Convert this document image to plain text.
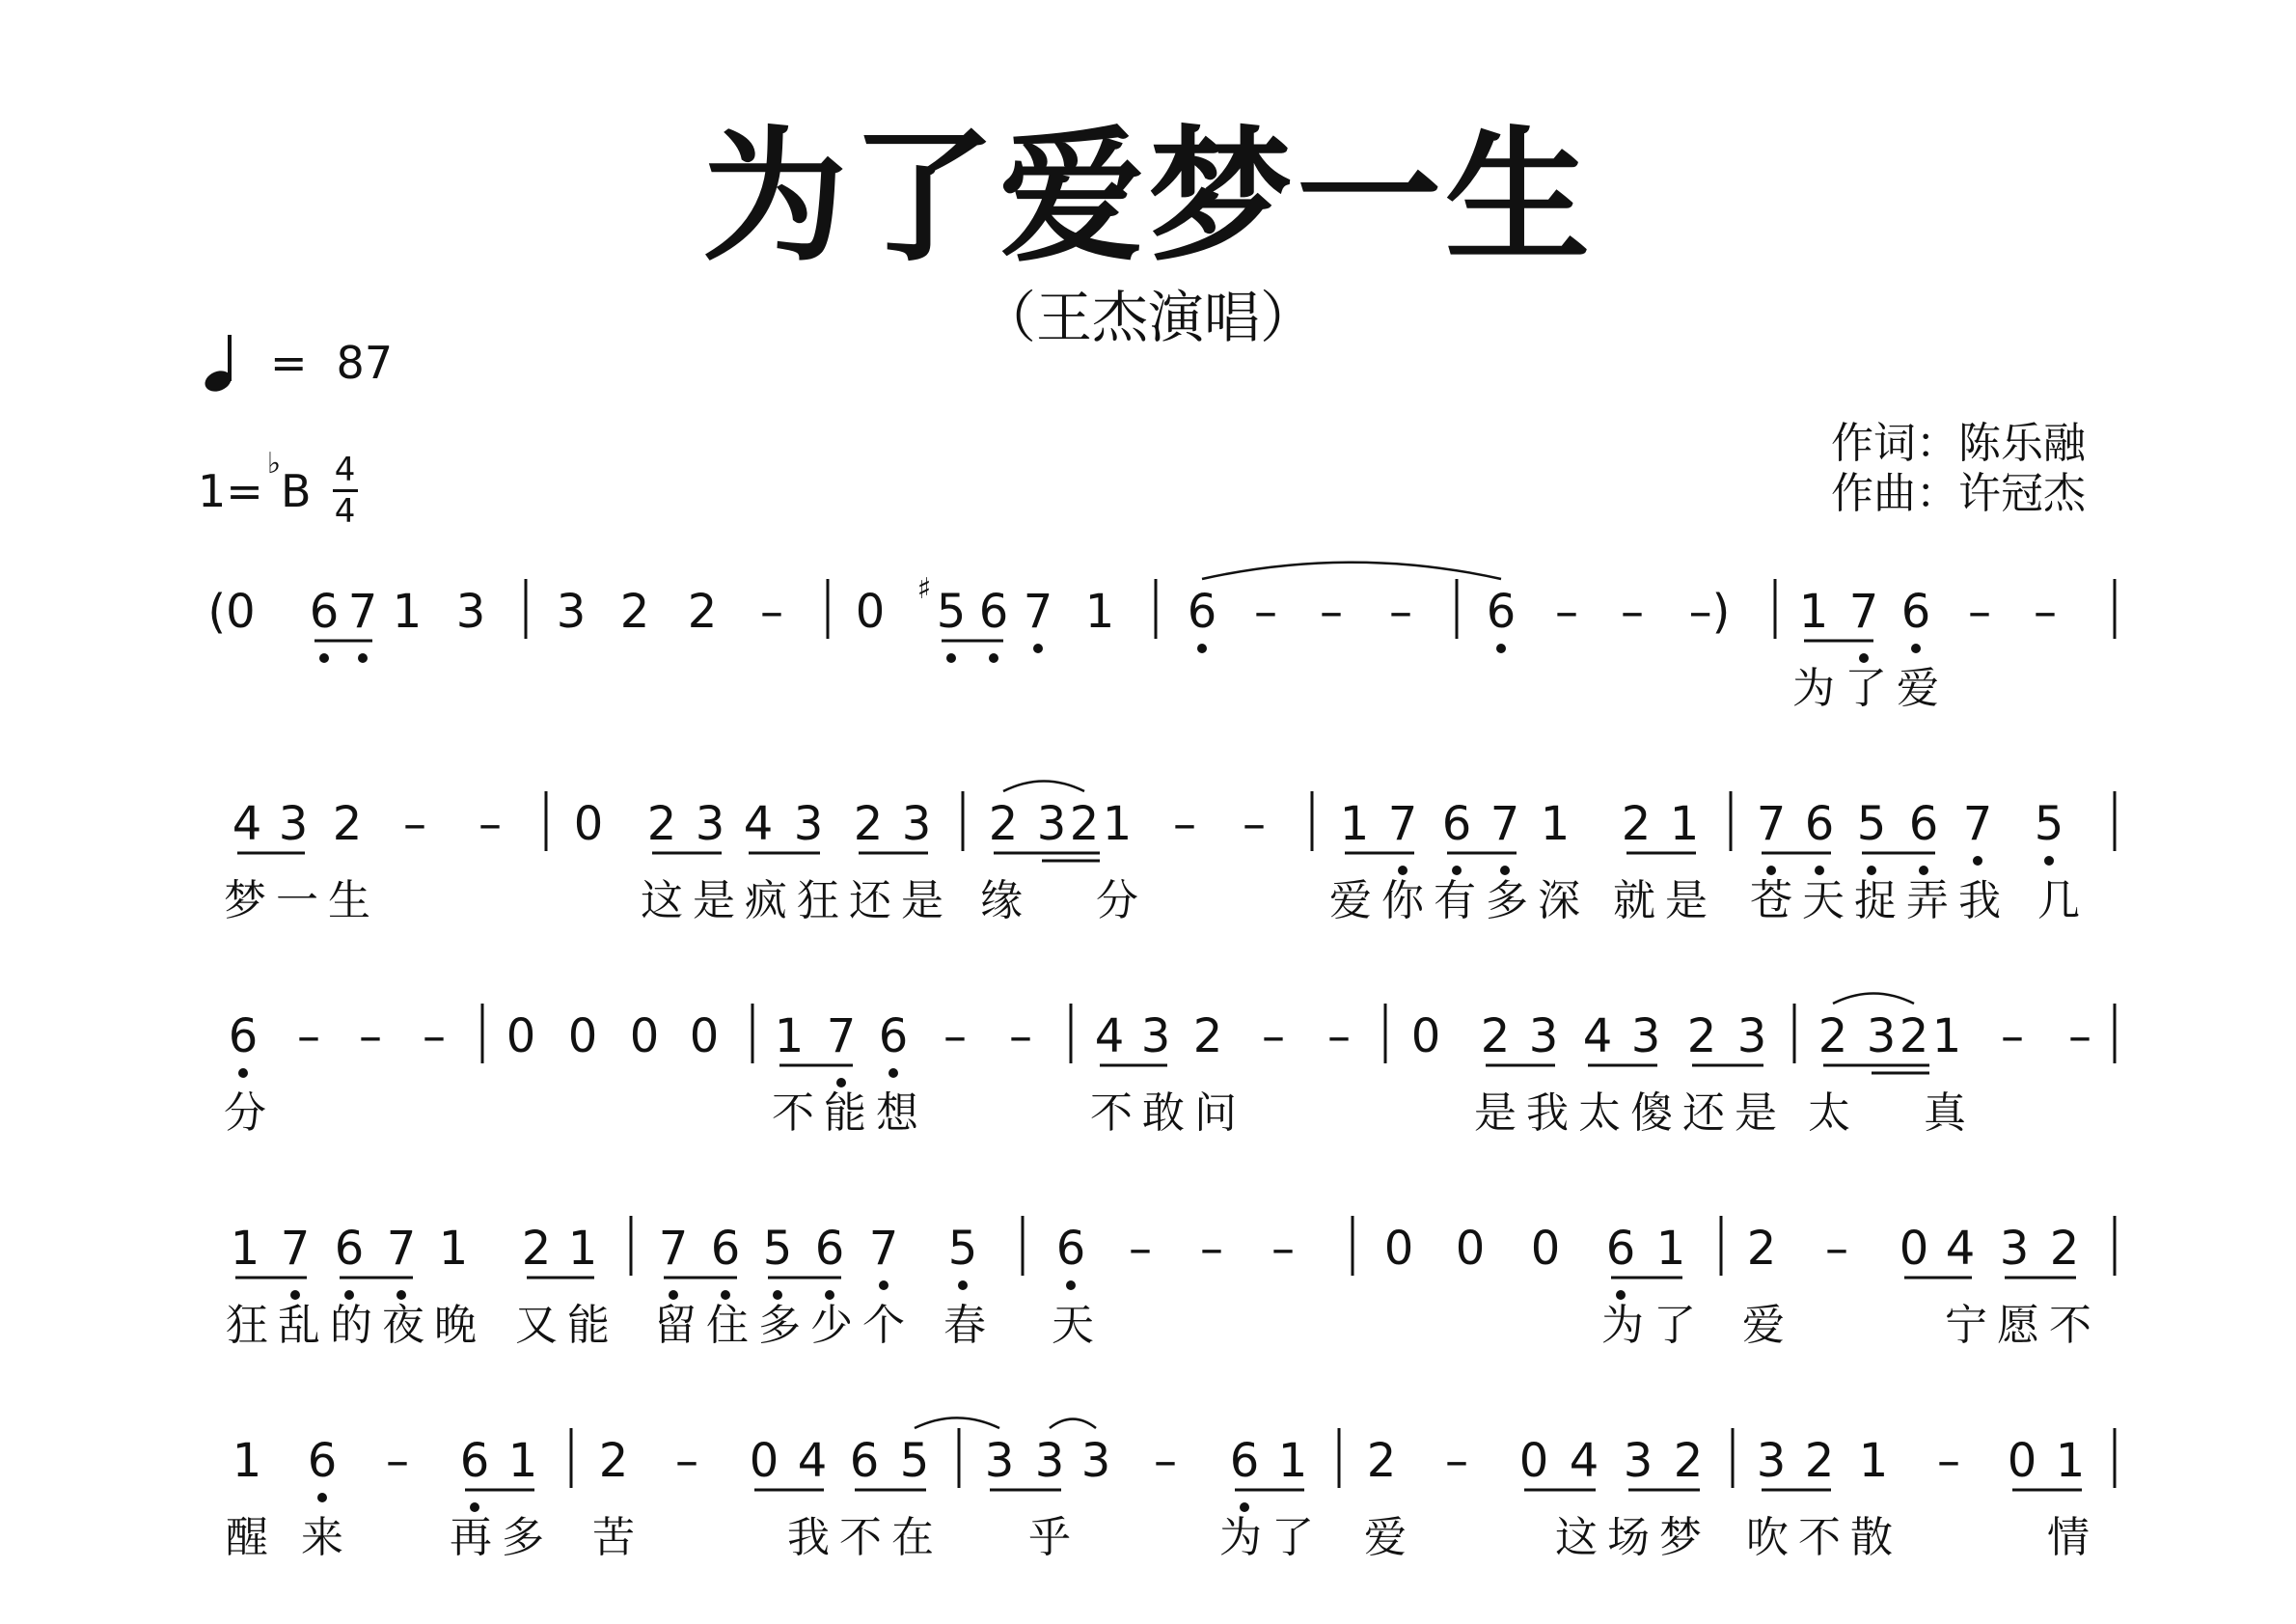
为了爱梦一生
（王杰演唱）
= 87
1=
♭
B $\frac{4}{4}$
作词：陈乐融
作曲：许冠杰
(0 6 7 1 3 3 2 2 – 0 ♯ 5 6 7 1 6 – – – 6 – – –) 1 7 6 – –
为了爱
4 3 2 – – 0 2 3 4 3 2 3 2 3 2 1 – – 1 7 6 7 1 2 1 7 6 5 6 7 5
梦一生	这是疯狂还是 缘 分	爱你有多深 就是 苍天捉弄我 几
6 – – – 0 0 0 0 1 7 6 – – 4 3 2 – – 0 2 3 4 3 2 3 2 3 2 1 – –
分	不能想	不敢问	是我太傻还是 太 真
1 7 6 7 1 2 1 7 6 5 6 7 5 6 – – – 0 0 0 6 1 2 – 0 4 3 2
狂乱的夜晚 又能 留住多少个 春 天	为了 爱	宁愿不
1 6 – 6 1 2 – 0 4 6 5 3 3 3 – 6 1 2 – 0 4 3 2 3 2 1 – 0 1
醒 来 再多 苦	我不在 乎	为了 爱	这场梦 吹不散	情
